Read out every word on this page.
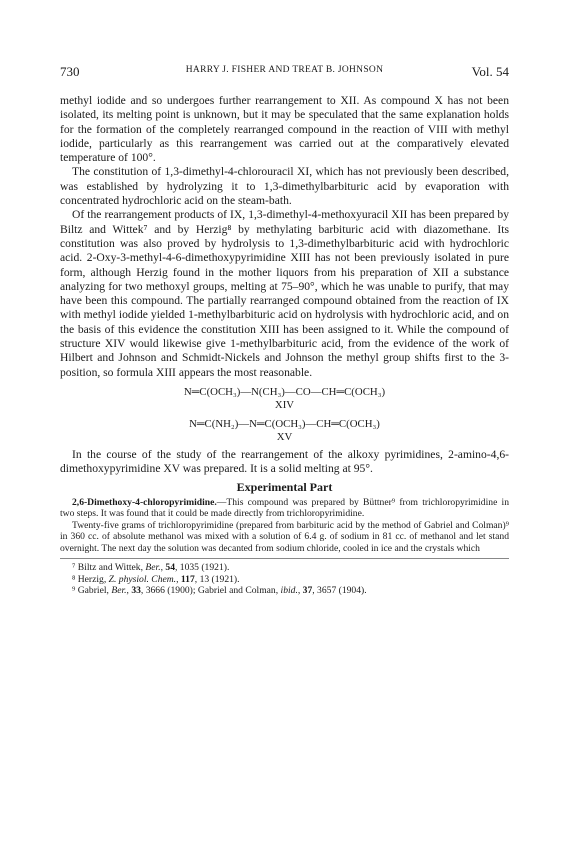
730	HARRY J. FISHER AND TREAT B. JOHNSON	Vol. 54

methyl iodide and so undergoes further rearrangement to XII. As compound X has not been isolated, its melting point is unknown, but it may be speculated that the same explanation holds for the formation of the completely rearranged compound in the reaction of VIII with methyl iodide, particularly as this rearrangement was carried out at the comparatively elevated temperature of 100°.

The constitution of 1,3-dimethyl-4-chlorouracil XI, which has not previously been described, was established by hydrolyzing it to 1,3-dimethylbarbituric acid by evaporation with concentrated hydrochloric acid on the steam-bath.

Of the rearrangement products of IX, 1,3-dimethyl-4-methoxyuracil XII has been prepared by Biltz and Wittek⁷ and by Herzig⁸ by methylating barbituric acid with diazomethane. Its constitution was also proved by hydrolysis to 1,3-dimethylbarbituric acid with hydrochloric acid. 2-Oxy-3-methyl-4-6-dimethoxypyrimidine XIII has not been previously isolated in pure form, although Herzig found in the mother liquors from his preparation of XII a substance analyzing for two methoxyl groups, melting at 75–90°, which he was unable to purify, that may have been this compound. The partially rearranged compound obtained from the reaction of IX with methyl iodide yielded 1-methylbarbituric acid on hydrolysis with hydrochloric acid, and on the basis of this evidence the constitution XIII has been assigned to it. While the compound of structure XIV would likewise give 1-methylbarbituric acid, from the evidence of the work of Hilbert and Johnson and Schmidt-Nickels and Johnson the methyl group shifts first to the 3-position, so formula XIII appears the most reasonable.

N═C(OCH₃)—N(CH₃)—CO—CH═C(OCH₃)
XIV
N═C(NH₂)—N═C(OCH₃)—CH═C(OCH₃)
XV

In the course of the study of the rearrangement of the alkoxy pyrimidines, 2-amino-4,6-dimethoxypyrimidine XV was prepared. It is a solid melting at 95°.

Experimental Part

2,6-Dimethoxy-4-chloropyrimidine.—This compound was prepared by Büttner⁹ from trichloropyrimidine in two steps. It was found that it could be made directly from trichloropyrimidine.

Twenty-five grams of trichloropyrimidine (prepared from barbituric acid by the method of Gabriel and Colman)⁹ in 360 cc. of absolute methanol was mixed with a solution of 6.4 g. of sodium in 81 cc. of methanol and let stand overnight. The next day the solution was decanted from sodium chloride, cooled in ice and the crystals which

⁷ Biltz and Wittek, Ber., 54, 1035 (1921).
⁸ Herzig, Z. physiol. Chem., 117, 13 (1921).
⁹ Gabriel, Ber., 33, 3666 (1900); Gabriel and Colman, ibid., 37, 3657 (1904).
